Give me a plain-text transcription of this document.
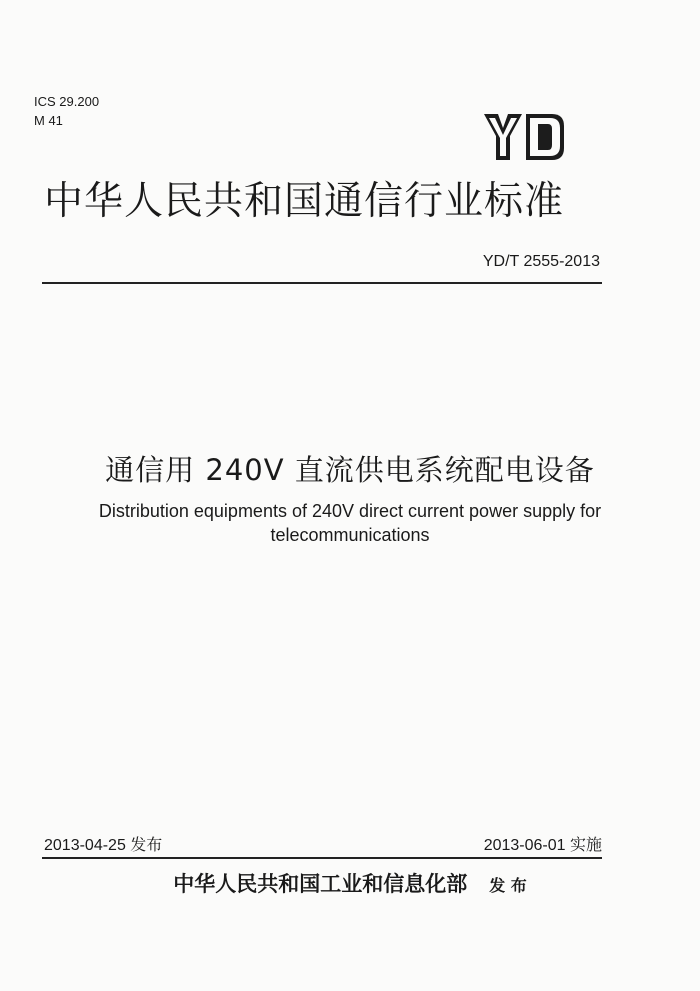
ICS 29.200
M 41
中华人民共和国通信行业标准
YD/T 2555-2013
通信用 240V 直流供电系统配电设备
Distribution equipments of 240V direct current power supply for
telecommunications
2013-04-25 发布	2013-06-01 实施
中华人民共和国工业和信息化部 发 布
